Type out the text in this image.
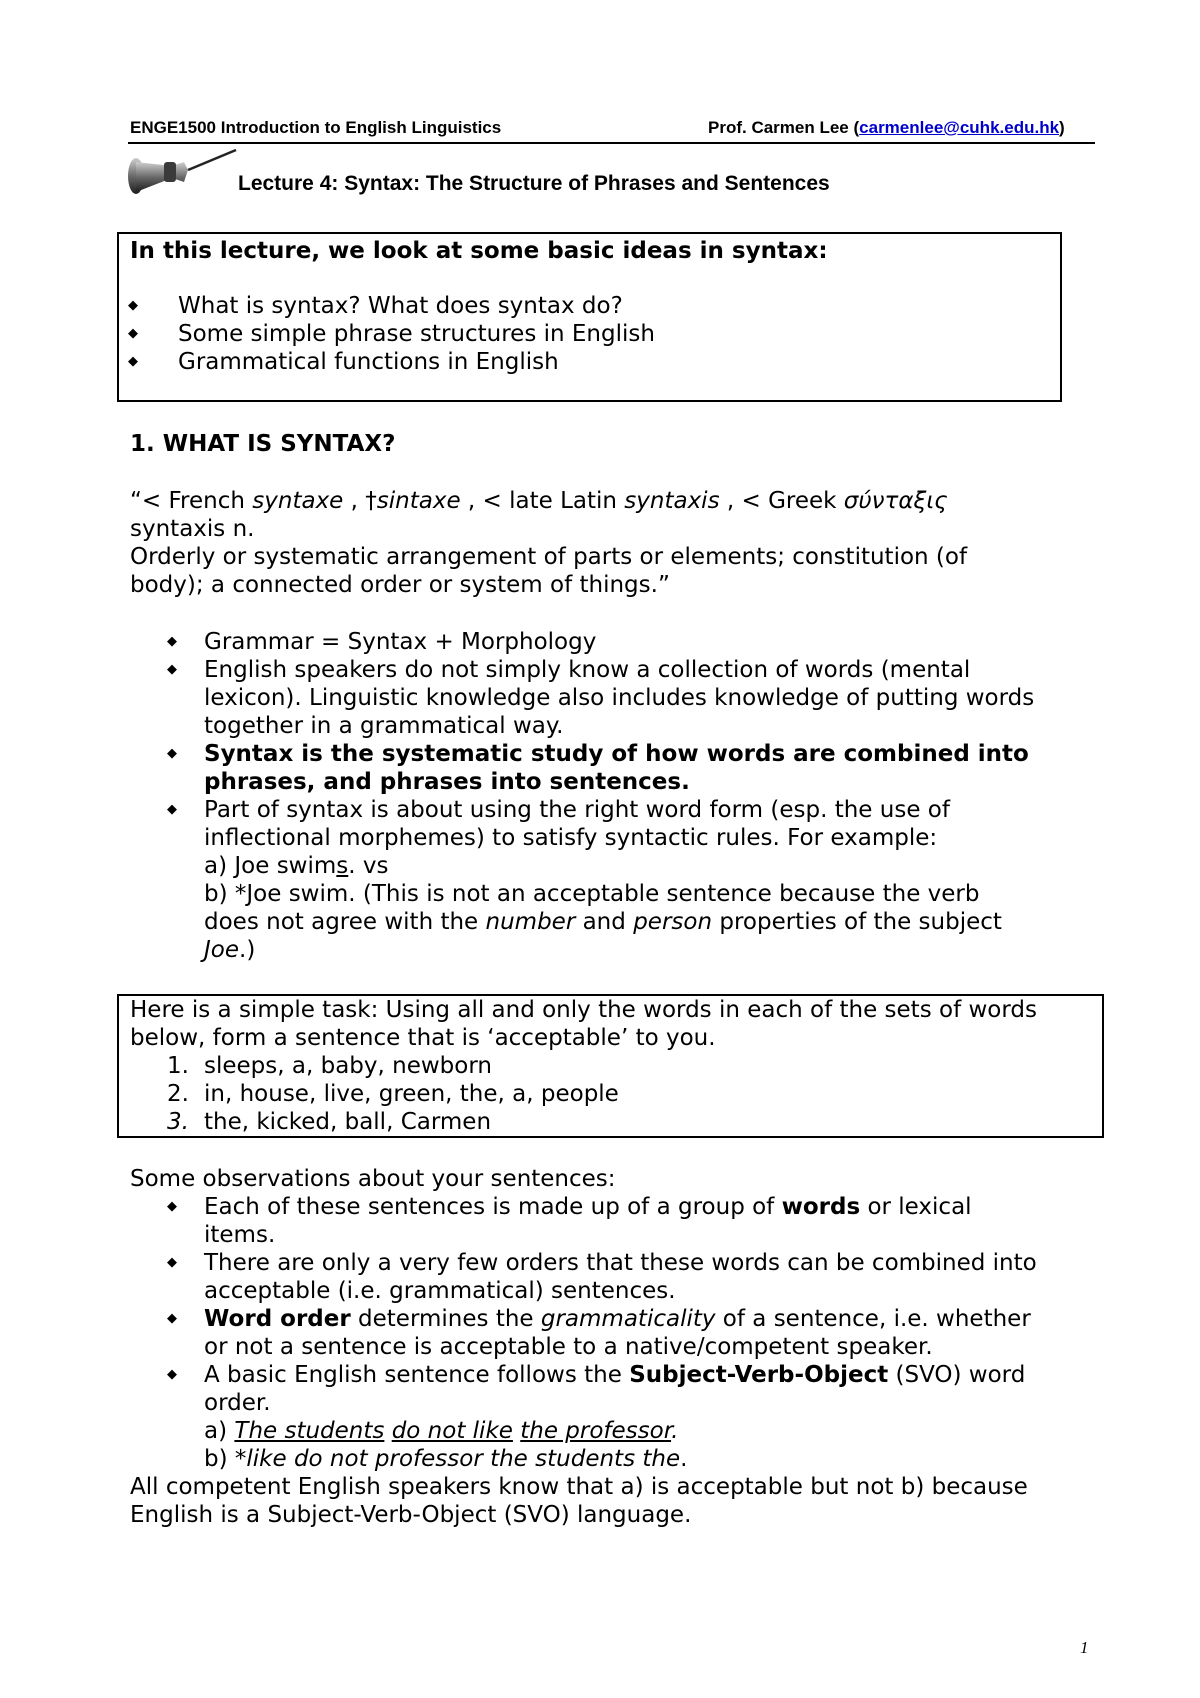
ENGE1500 Introduction to English Linguistics	Prof. Carmen Lee (carmenlee@cuhk.edu.hk)
Lecture 4: Syntax: The Structure of Phrases and Sentences
In this lecture, we look at some basic ideas in syntax:
◆ What is syntax? What does syntax do?
◆ Some simple phrase structures in English
◆ Grammatical functions in English
1. WHAT IS SYNTAX?
“< French syntaxe , †sintaxe , < late Latin syntaxis , < Greek σύνταξις
syntaxis n.
Orderly or systematic arrangement of parts or elements; constitution (of
body); a connected order or system of things.”
◆ Grammar = Syntax + Morphology
◆ English speakers do not simply know a collection of words (mental
lexicon). Linguistic knowledge also includes knowledge of putting words
together in a grammatical way.
◆ Syntax is the systematic study of how words are combined into
phrases, and phrases into sentences.
◆ Part of syntax is about using the right word form (esp. the use of
inflectional morphemes) to satisfy syntactic rules. For example:
a) Joe swims. vs
b) *Joe swim. (This is not an acceptable sentence because the verb
does not agree with the number and person properties of the subject
Joe.)
Here is a simple task: Using all and only the words in each of the sets of words
below, form a sentence that is ‘acceptable’ to you.
1. sleeps, a, baby, newborn
2. in, house, live, green, the, a, people
3. the, kicked, ball, Carmen
Some observations about your sentences:
◆ Each of these sentences is made up of a group of words or lexical
items.
◆ There are only a very few orders that these words can be combined into
acceptable (i.e. grammatical) sentences.
◆ Word order determines the grammaticality of a sentence, i.e. whether
or not a sentence is acceptable to a native/competent speaker.
◆ A basic English sentence follows the Subject-Verb-Object (SVO) word
order.
a) The students do not like the professor.
b) *like do not professor the students the.
All competent English speakers know that a) is acceptable but not b) because
English is a Subject-Verb-Object (SVO) language.
1
